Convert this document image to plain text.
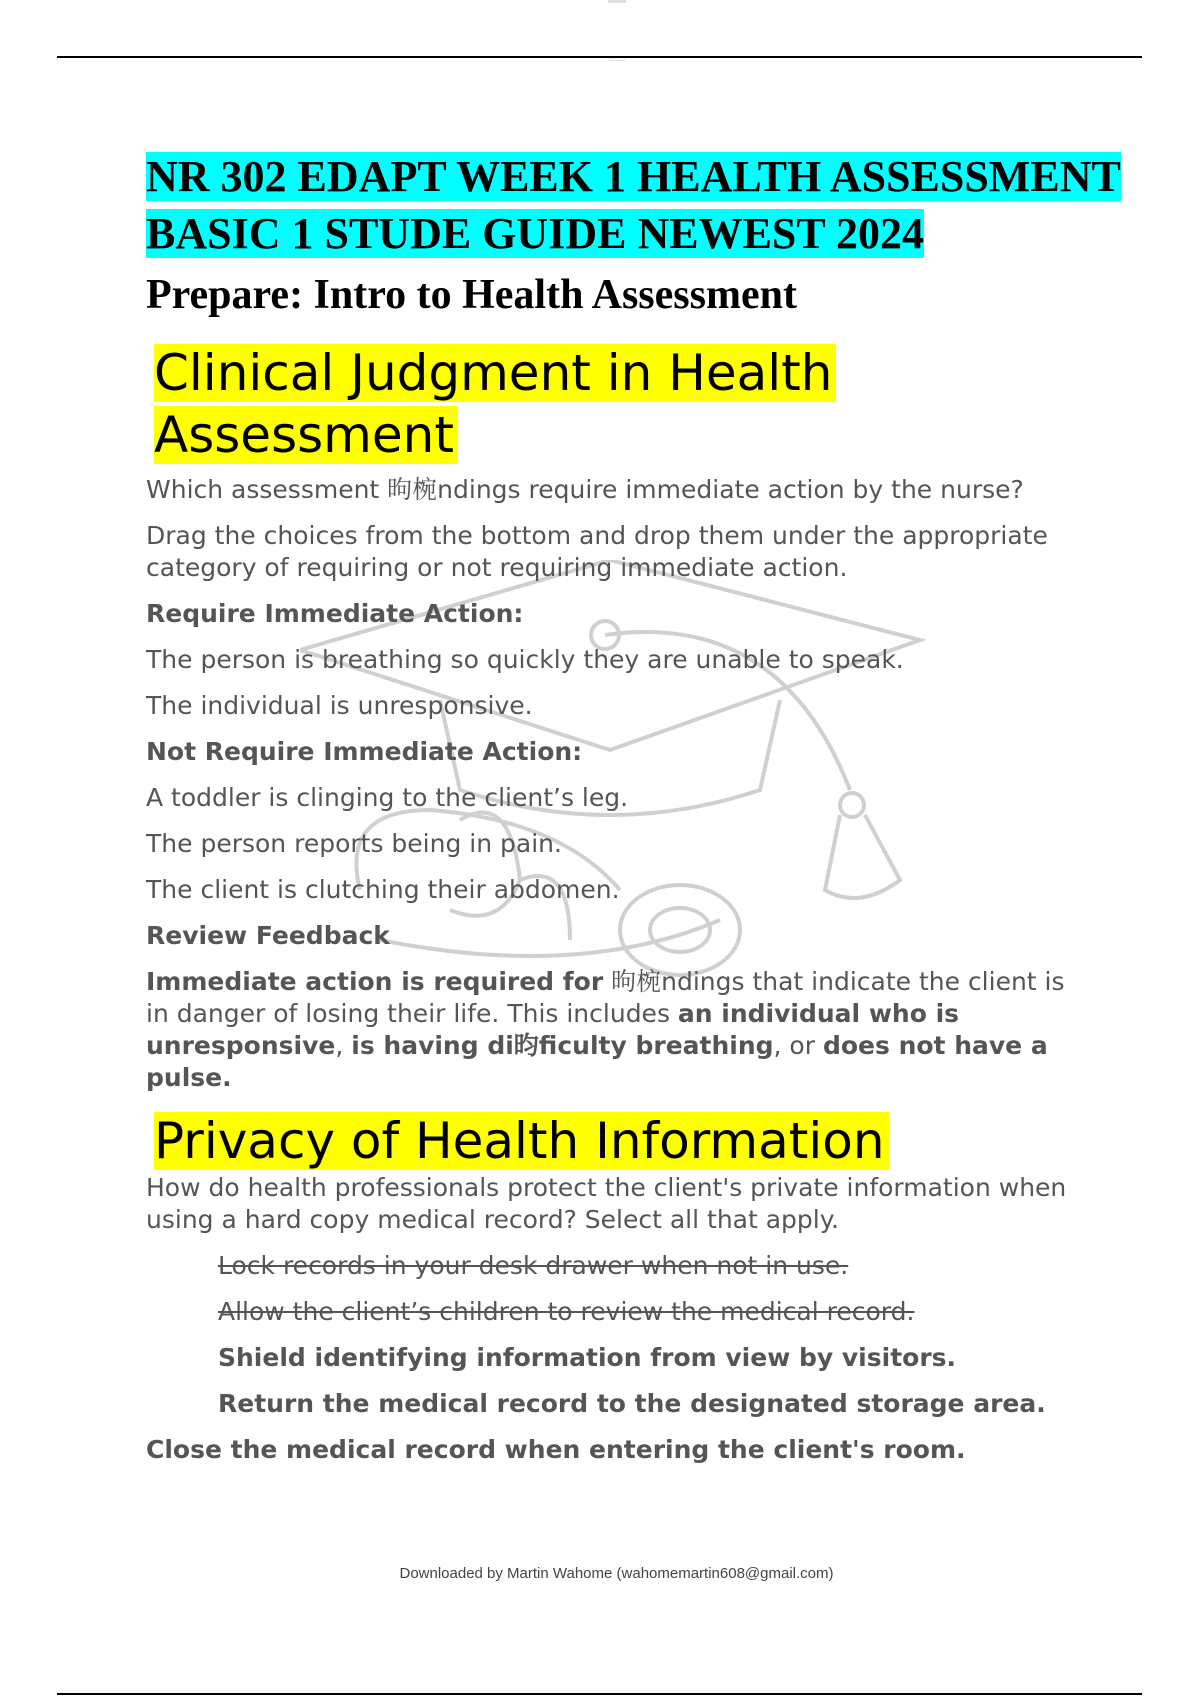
NR 302 EDAPT WEEK 1 HEALTH ASSESSMENT
BASIC 1 STUDE GUIDE NEWEST 2024
Prepare: Intro to Health Assessment
Clinical Judgment in Health
Assessment

Which assessment 昫椀ndings require immediate action by the nurse?

Drag the choices from the bottom and drop them under the appropriate category of requiring or not requiring immediate action.

Require Immediate Action:

The person is breathing so quickly they are unable to speak.

The individual is unresponsive.

Not Require Immediate Action:

A toddler is clinging to the client’s leg.

The person reports being in pain.

The client is clutching their abdomen.

Review Feedback

Immediate action is required for 昫椀ndings that indicate the client is in danger of losing their life. This includes an individual who is unresponsive, is having di昀ﬁculty breathing, or does not have a pulse.

Privacy of Health Information

How do health professionals protect the client's private information when using a hard copy medical record? Select all that apply.

Lock records in your desk drawer when not in use.

Allow the client’s children to review the medical record.

Shield identifying information from view by visitors.

Return the medical record to the designated storage area.

Close the medical record when entering the client's room.

Downloaded by Martin Wahome (wahomemartin608@gmail.com)
